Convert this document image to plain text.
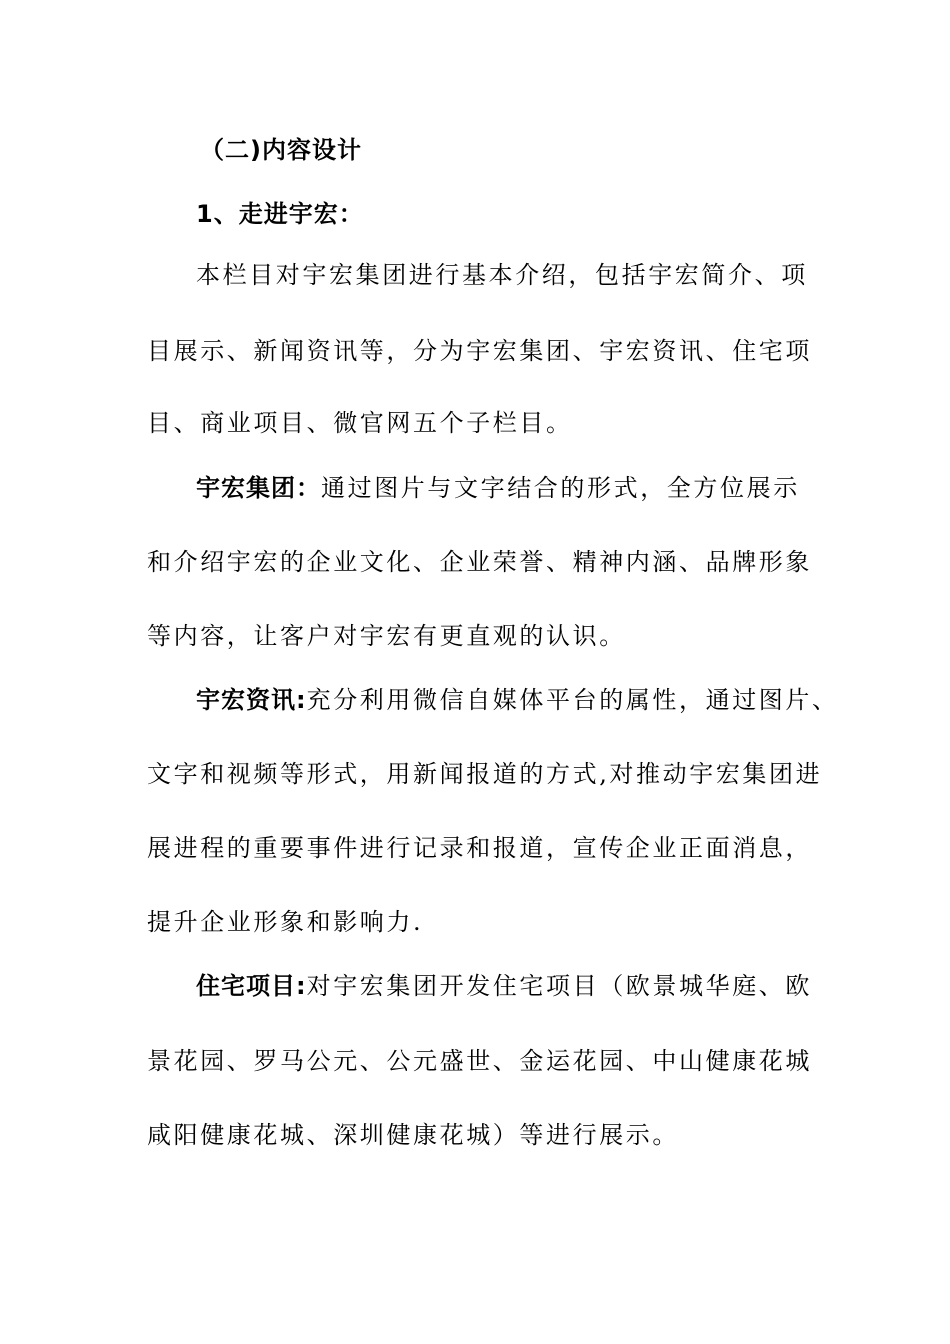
（二)内容设计
1、走进宇宏：
本栏目对宇宏集团进行基本介绍，包括宇宏简介、项
目展示、新闻资讯等，分为宇宏集团、宇宏资讯、住宅项
目、商业项目、微官网五个子栏目。
宇宏集团：通过图片与文字结合的形式，全方位展示
和介绍宇宏的企业文化、企业荣誉、精神内涵、品牌形象
等内容，让客户对宇宏有更直观的认识。
宇宏资讯:充分利用微信自媒体平台的属性，通过图片、
文字和视频等形式，用新闻报道的方式,对推动宇宏集团进
展进程的重要事件进行记录和报道，宣传企业正面消息，
提升企业形象和影响力.
住宅项目:对宇宏集团开发住宅项目（欧景城华庭、欧
景花园、罗马公元、公元盛世、金运花园、中山健康花城
咸阳健康花城、深圳健康花城）等进行展示。
